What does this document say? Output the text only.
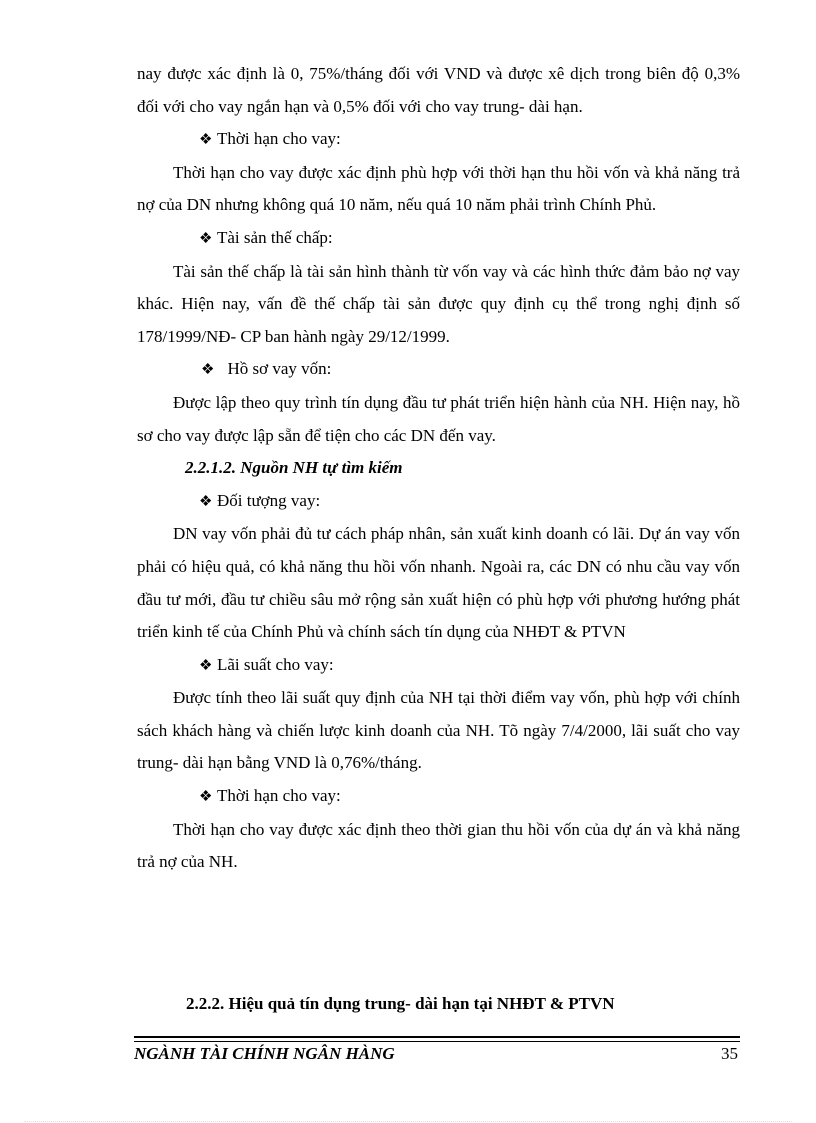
nay được xác định là 0, 75%/tháng đối với VND và được xê dịch trong biên độ 0,3% đối với cho vay ngắn hạn và 0,5% đối với cho vay trung- dài hạn.

❖ Thời hạn cho vay:

Thời hạn cho vay được xác định phù hợp với thời hạn thu hồi vốn và khả năng trả nợ của DN nhưng không quá 10 năm, nếu quá 10 năm phải trình Chính Phủ.

❖ Tài sản thế chấp:

Tài sản thế chấp là tài sản hình thành từ vốn vay và các hình thức đảm bảo nợ vay khác. Hiện nay, vấn đề thế chấp tài sản được quy định cụ thể trong nghị định số 178/1999/NĐ- CP ban hành ngày 29/12/1999.

❖ Hồ sơ vay vốn:

Được lập theo quy trình tín dụng đầu tư phát triển hiện hành của NH. Hiện nay, hồ sơ cho vay được lập sẵn để tiện cho các DN đến vay.

2.2.1.2. Nguồn NH tự tìm kiếm

❖ Đối tượng vay:

DN vay vốn phải đủ tư cách pháp nhân, sản xuất kinh doanh có lãi. Dự án vay vốn phải có hiệu quả, có khả năng thu hồi vốn nhanh. Ngoài ra, các DN có nhu cầu vay vốn đầu tư mới, đầu tư chiều sâu mở rộng sản xuất hiện có phù hợp với phương hướng phát triển kinh tế của Chính Phủ và chính sách tín dụng của NHĐT & PTVN

❖ Lãi suất cho vay:

Được tính theo lãi suất quy định của NH tại thời điểm vay vốn, phù hợp với chính sách khách hàng và chiến lược kinh doanh của NH. Tõ ngày 7/4/2000, lãi suất cho vay trung- dài hạn bằng VND là 0,76%/tháng.

❖ Thời hạn cho vay:

Thời hạn cho vay được xác định theo thời gian thu hồi vốn của dự án và khả năng trả nợ của NH.

2.2.2. Hiệu quả tín dụng trung- dài hạn tại NHĐT & PTVN

NGÀNH TÀI CHÍNH NGÂN HÀNG	35
